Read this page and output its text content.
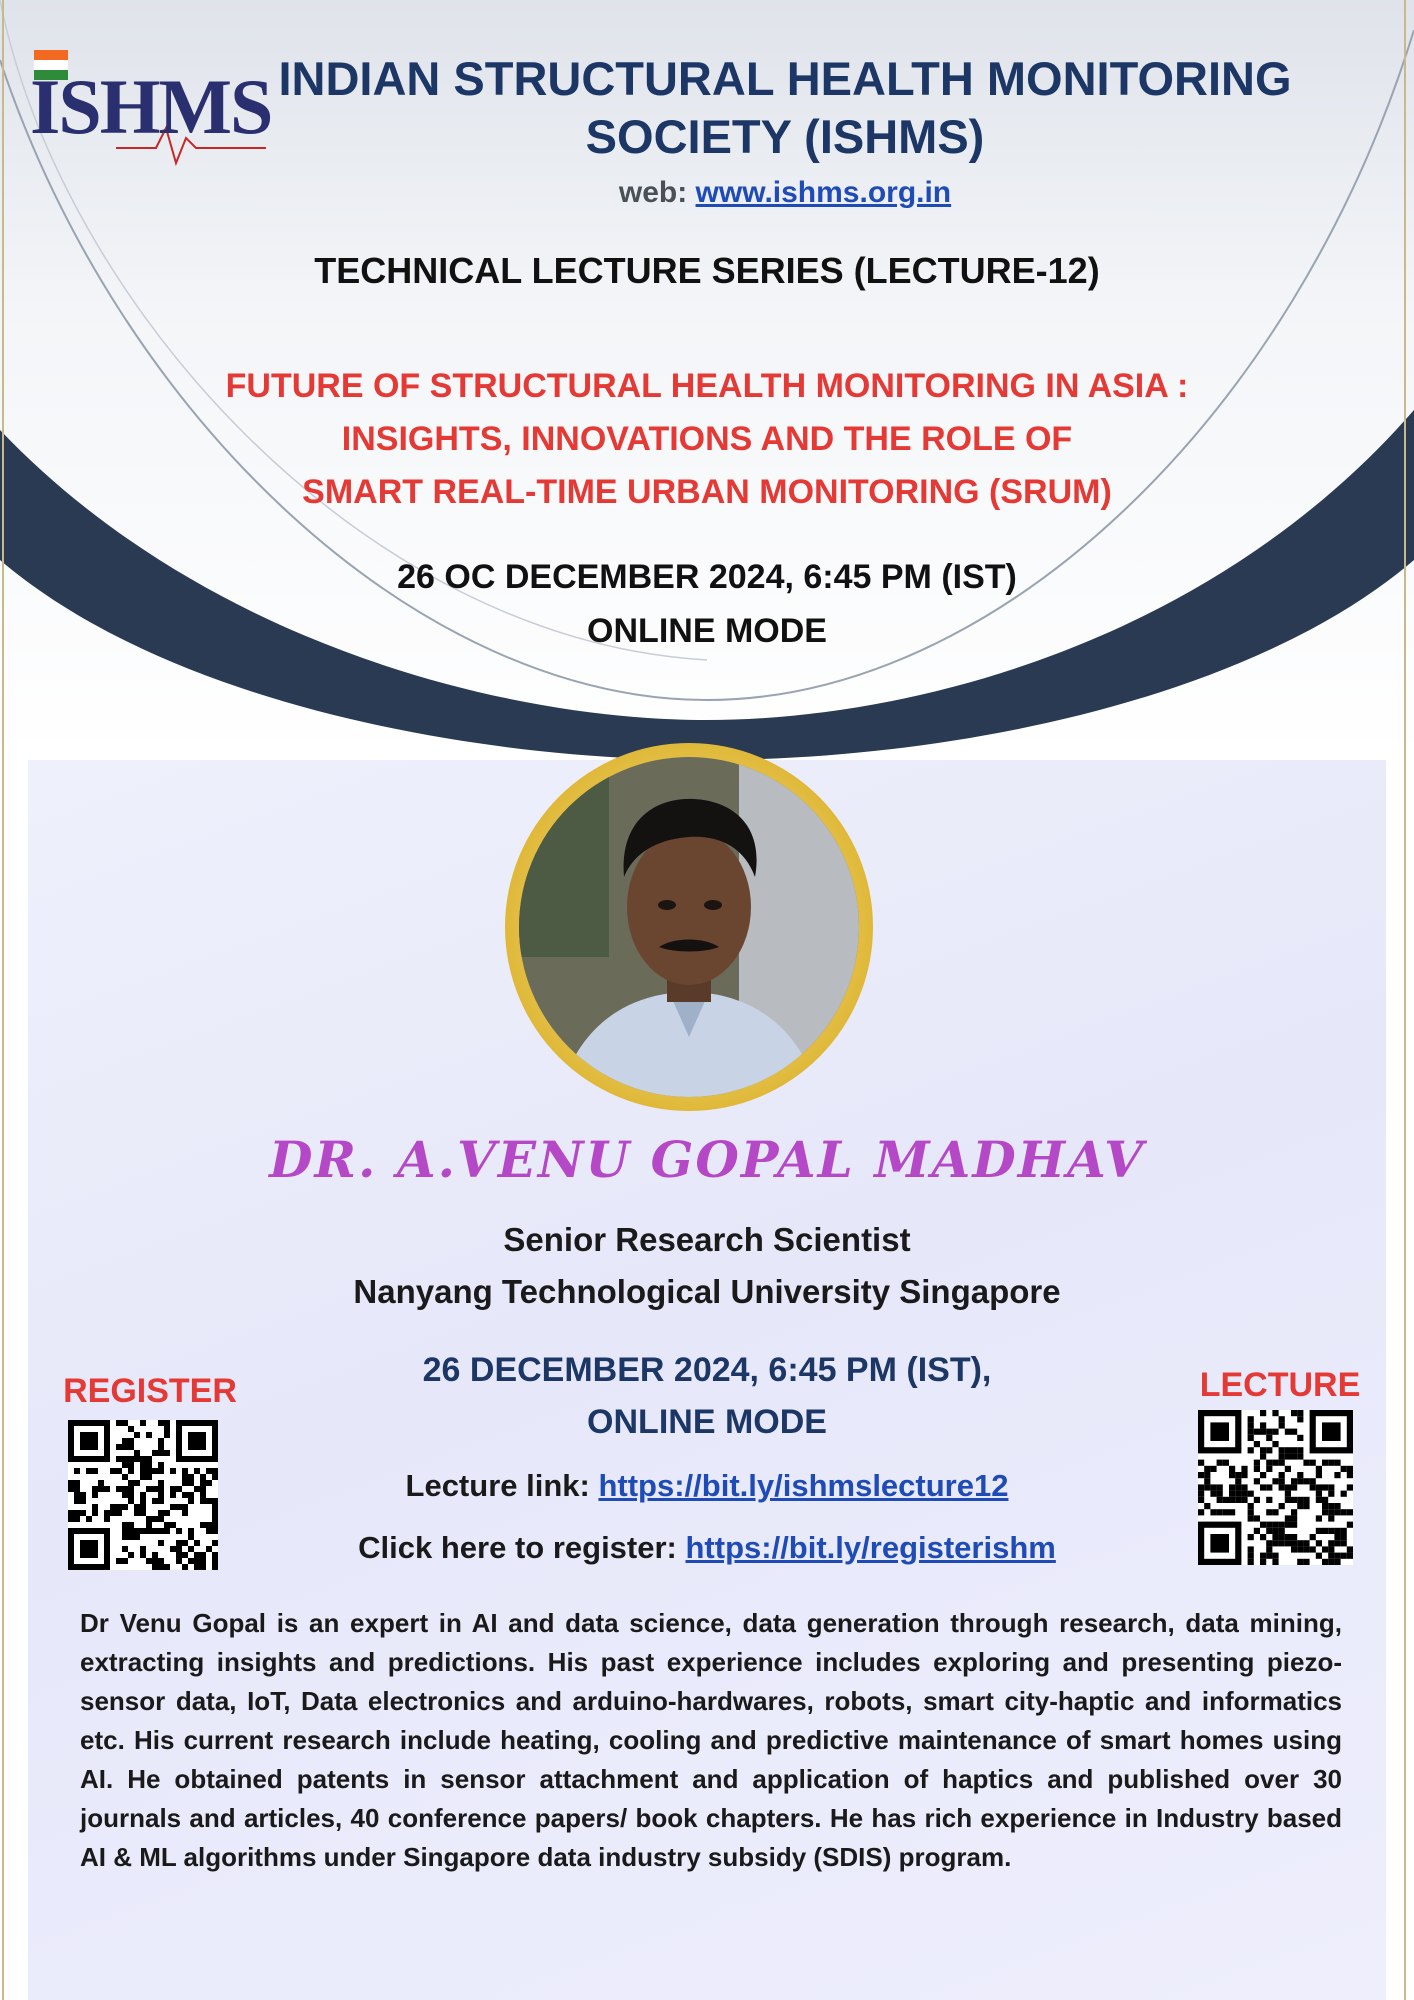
ISHMS INDIAN STRUCTURAL HEALTH MONITORING
SOCIETY (ISHMS)
web: www.ishms.org.in
TECHNICAL LECTURE SERIES (LECTURE-12)
FUTURE OF STRUCTURAL HEALTH MONITORING IN ASIA :
INSIGHTS, INNOVATIONS AND THE ROLE OF
SMART REAL-TIME URBAN MONITORING (SRUM)
26 OC DECEMBER 2024, 6:45 PM (IST)
ONLINE MODE
DR. A.VENU GOPAL MADHAV
Senior Research Scientist
Nanyang Technological University Singapore
26 DECEMBER 2024, 6:45 PM (IST),
ONLINE MODE
REGISTER	LECTURE
Lecture link: https://bit.ly/ishmslecture12
Click here to register: https://bit.ly/registerishm
Dr Venu Gopal is an expert in AI and data science, data generation through research, data mining, extracting insights and predictions. His past experience includes exploring and presenting piezo-sensor data, IoT, Data electronics and arduino-hardwares, robots, smart city-haptic and informatics etc. His current research include heating, cooling and predictive maintenance of smart homes using AI. He obtained patents in sensor attachment and application of haptics and published over 30 journals and articles, 40 conference papers/ book chapters. He has rich experience in Industry based AI & ML algorithms under Singapore data industry subsidy (SDIS) program.
